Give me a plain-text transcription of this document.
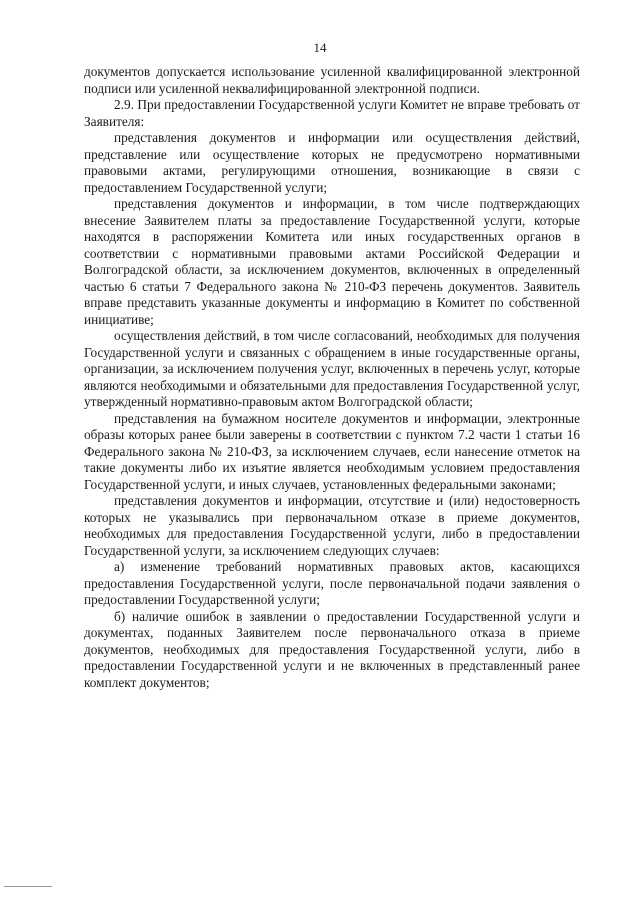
14

документов допускается использование усиленной квалифицированной электронной подписи или усиленной неквалифицированной электронной подписи.

2.9. При предоставлении Государственной услуги Комитет не вправе требовать от Заявителя:

представления документов и информации или осуществления действий, представление или осуществление которых не предусмотрено нормативными правовыми актами, регулирующими отношения, возникающие в связи с предоставлением Государственной услуги;

представления документов и информации, в том числе подтверждающих внесение Заявителем платы за предоставление Государственной услуги, которые находятся в распоряжении Комитета или иных государственных органов в соответствии с нормативными правовыми актами Российской Федерации и Волгоградской области, за исключением документов, включенных в определенный частью 6 статьи 7 Федерального закона № 210-ФЗ перечень документов. Заявитель вправе представить указанные документы и информацию в Комитет по собственной инициативе;

осуществления действий, в том числе согласований, необходимых для получения Государственной услуги и связанных с обращением в иные государственные органы, организации, за исключением получения услуг, включенных в перечень услуг, которые являются необходимыми и обязательными для предоставления Государственной услуг, утвержденный нормативно-правовым актом Волгоградской области;

представления на бумажном носителе документов и информации, электронные образы которых ранее были заверены в соответствии с пунктом 7.2 части 1 статьи 16 Федерального закона № 210-ФЗ, за исключением случаев, если нанесение отметок на такие документы либо их изъятие является необходимым условием предоставления Государственной услуги, и иных случаев, установленных федеральными законами;

представления документов и информации, отсутствие и (или) недостоверность которых не указывались при первоначальном отказе в приеме документов, необходимых для предоставления Государственной услуги, либо в предоставлении Государственной услуги, за исключением следующих случаев:

а) изменение требований нормативных правовых актов, касающихся предоставления Государственной услуги, после первоначальной подачи заявления о предоставлении Государственной услуги;

б) наличие ошибок в заявлении о предоставлении Государственной услуги и документах, поданных Заявителем после первоначального отказа в приеме документов, необходимых для предоставления Государственной услуги, либо в предоставлении Государственной услуги и не включенных в представленный ранее комплект документов;
